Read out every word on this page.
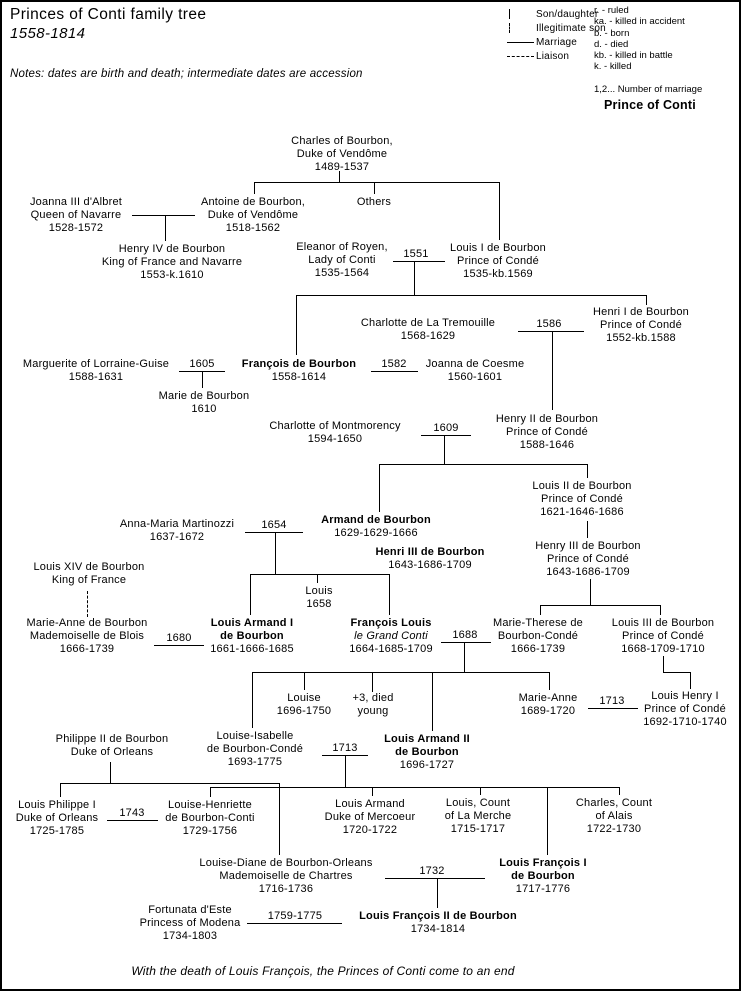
Princes of Conti family tree
1558-1814
Notes: dates are birth and death; intermediate dates are accession
Son/daughter
Illegitimate son
Marriage
Liaison
r. - ruled
ka. - killed in accident
b. - born
d. - died
kb. - killed in battle
k. - killed
1,2... Number of marriage
Prince of Conti
1551
1586
1605	1582
1609
1654
1680	1688
1713
1713
1743
1732
1759-1775
Charles of Bourbon,
Duke of Vendôme
1489-1537
Joanna III d'Albret
Queen of Navarre
1528-1572
Antoine de Bourbon,
Duke of Vendôme
1518-1562
Others
Henry IV de Bourbon
King of France and Navarre
1553-k.1610
Eleanor of Royen,
Lady of Conti
1535-1564
Louis I de Bourbon
Prince of Condé
1535-kb.1569
Charlotte de La Tremouille
1568-1629
Henri I de Bourbon
Prince of Condé
1552-kb.1588
Marguerite of Lorraine-Guise
1588-1631
François de Bourbon
1558-1614
Joanna de Coesme
1560-1601
Marie de Bourbon
1610
Charlotte of Montmorency
1594-1650
Henry II de Bourbon
Prince of Condé
1588-1646
Louis II de Bourbon
Prince of Condé
1621-1646-1686
Armand de Bourbon
1629-1629-1666
Anna-Maria Martinozzi
1637-1672
Henri III de Bourbon
1643-1686-1709
Henry III de Bourbon
Prince of Condé
1643-1686-1709
Louis XIV de Bourbon
King of France
Louis
1658
Marie-Anne de Bourbon
Mademoiselle de Blois
1666-1739
Louis Armand I
de Bourbon
1661-1666-1685
François Louis
le Grand Conti
1664-1685-1709
Marie-Therese de
Bourbon-Condé
1666-1739
Louis III de Bourbon
Prince of Condé
1668-1709-1710
Louise
1696-1750
+3, died
young
Marie-Anne
1689-1720
Louis Henry I
Prince of Condé
1692-1710-1740
Philippe II de Bourbon
Duke of Orleans
Louise-Isabelle
de Bourbon-Condé
1693-1775
Louis Armand II
de Bourbon
1696-1727
Louis Philippe I
Duke of Orleans
1725-1785
Louise-Henriette
de Bourbon-Conti
1729-1756
Louis Armand
Duke of Mercoeur
1720-1722
Louis, Count
of La Merche
1715-1717
Charles, Count
of Alais
1722-1730
Louise-Diane de Bourbon-Orleans
Mademoiselle de Chartres
1716-1736
Louis François I
de Bourbon
1717-1776
Fortunata d'Este
Princess of Modena
1734-1803
Louis François II de Bourbon
1734-1814
With the death of Louis François, the Princes of Conti come to an end
